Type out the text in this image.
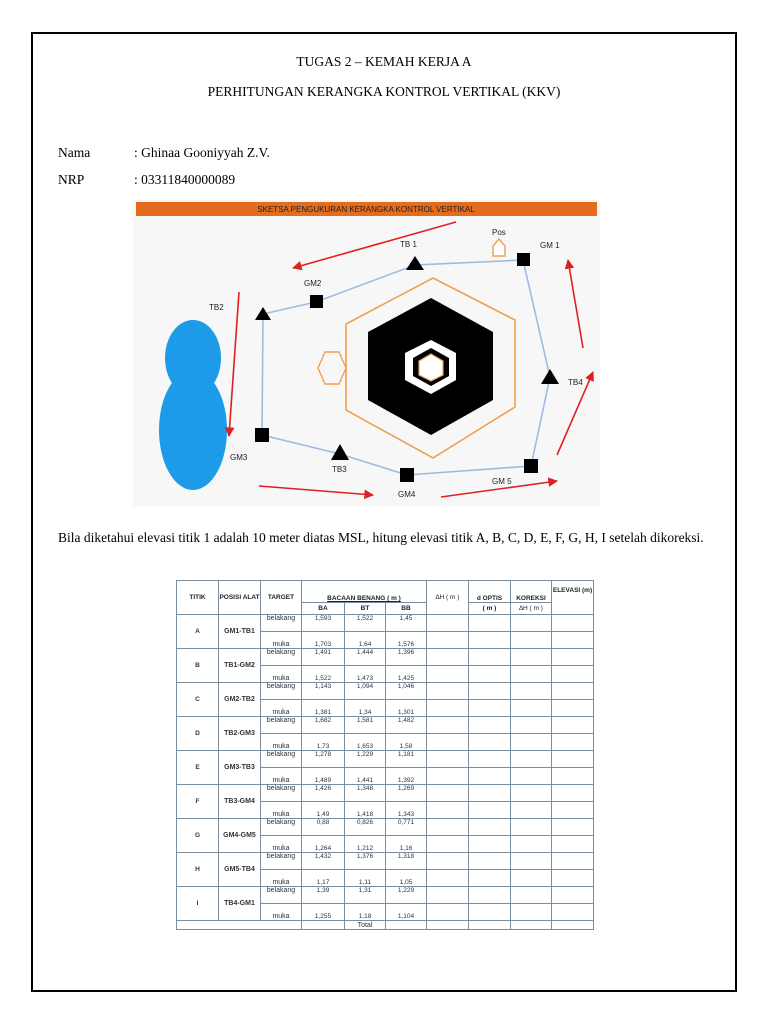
TUGAS 2 – KEMAH KERJA A
PERHITUNGAN KERANGKA KONTROL VERTIKAL (KKV)
Nama	: Ghinaa Gooniyyah Z.V.
NRP	: 03311840000089
SKETSA PENGUKURAN KERANGKA KONTROL VERTIKAL
TB 1
Pos
GM 1
GM2
TB2
TB4
GM3
TB3
GM4
GM 5
Bila diketahui elevasi titik 1 adalah 10 meter diatas MSL, hitung elevasi titik A, B, C, D, E, F, G, H, I setelah dikoreksi.
TITIK	POSISI ALAT	TARGET	BACAAN BENANG ( m )			∆H ( m )	d OPTIS	KOREKSI	ELEVASI (m)
			BA	BT	BB		( m )	∆H ( m )	
A	GM1-TB1	belakang	1,593	1,522	1,45				
		muka	1,703	1,64	1,576				
B	TB1-GM2	belakang	1,491	1,444	1,396				
		muka	1,522	1,473	1,425				
C	GM2-TB2	belakang	1,143	1,094	1,046				
		muka	1,381	1,34	1,301				
D	TB2-GM3	belakang	1,682	1,581	1,482				
		muka	1,73	1,653	1,58				
E	GM3-TB3	belakang	1,278	1,229	1,181				
		muka	1,489	1,441	1,392				
F	TB3-GM4	belakang	1,426	1,348	1,269				
		muka	1,49	1,418	1,343				
G	GM4-GM5	belakang	0,88	0,826	0,771				
		muka	1,264	1,212	1,16				
H	GM5-TB4	belakang	1,432	1,376	1,318				
		muka	1,17	1,11	1,05				
I	TB4-GM1	belakang	1,39	1,31	1,229				
		muka	1,255	1,18	1,104				
				Total					
